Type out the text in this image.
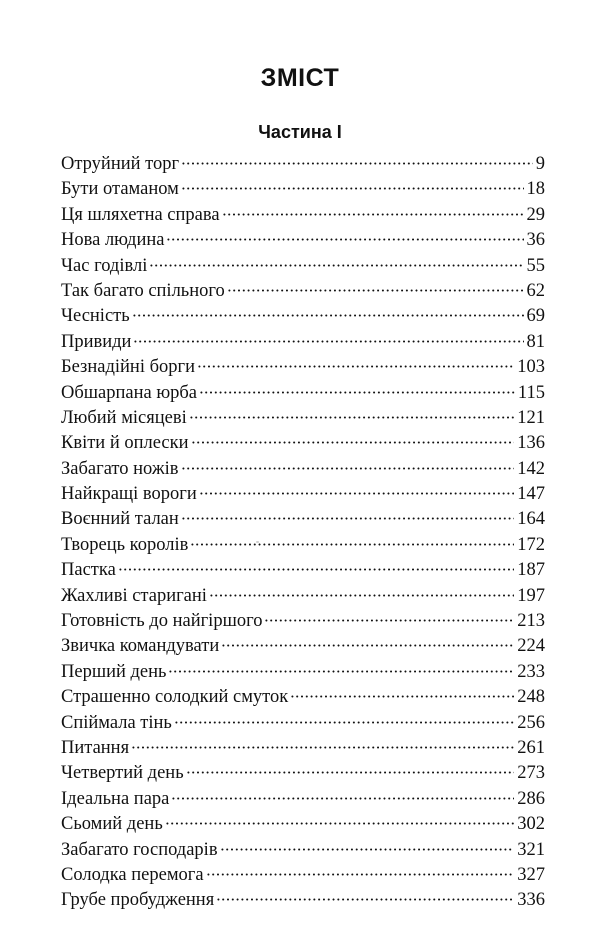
ЗМІСТ
Частина І
Отруйний торг	9
Бути отаманом	18
Ця шляхетна справа	29
Нова людина	36
Час годівлі	55
Так багато спільного	62
Чесність	69
Привиди	81
Безнадійні борги	103
Обшарпана юрба	115
Любий місяцеві	121
Квіти й оплески	136
Забагато ножів	142
Найкращі вороги	147
Воєнний талан	164
Творець королів	172
Пастка	187
Жахливі старигані	197
Готовність до найгіршого	213
Звичка командувати	224
Перший день	233
Страшенно солодкий смуток	248
Спіймала тінь	256
Питання	261
Четвертий день	273
Ідеальна пара	286
Сьомий день	302
Забагато господарів	321
Солодка перемога	327
Грубе пробудження	336
